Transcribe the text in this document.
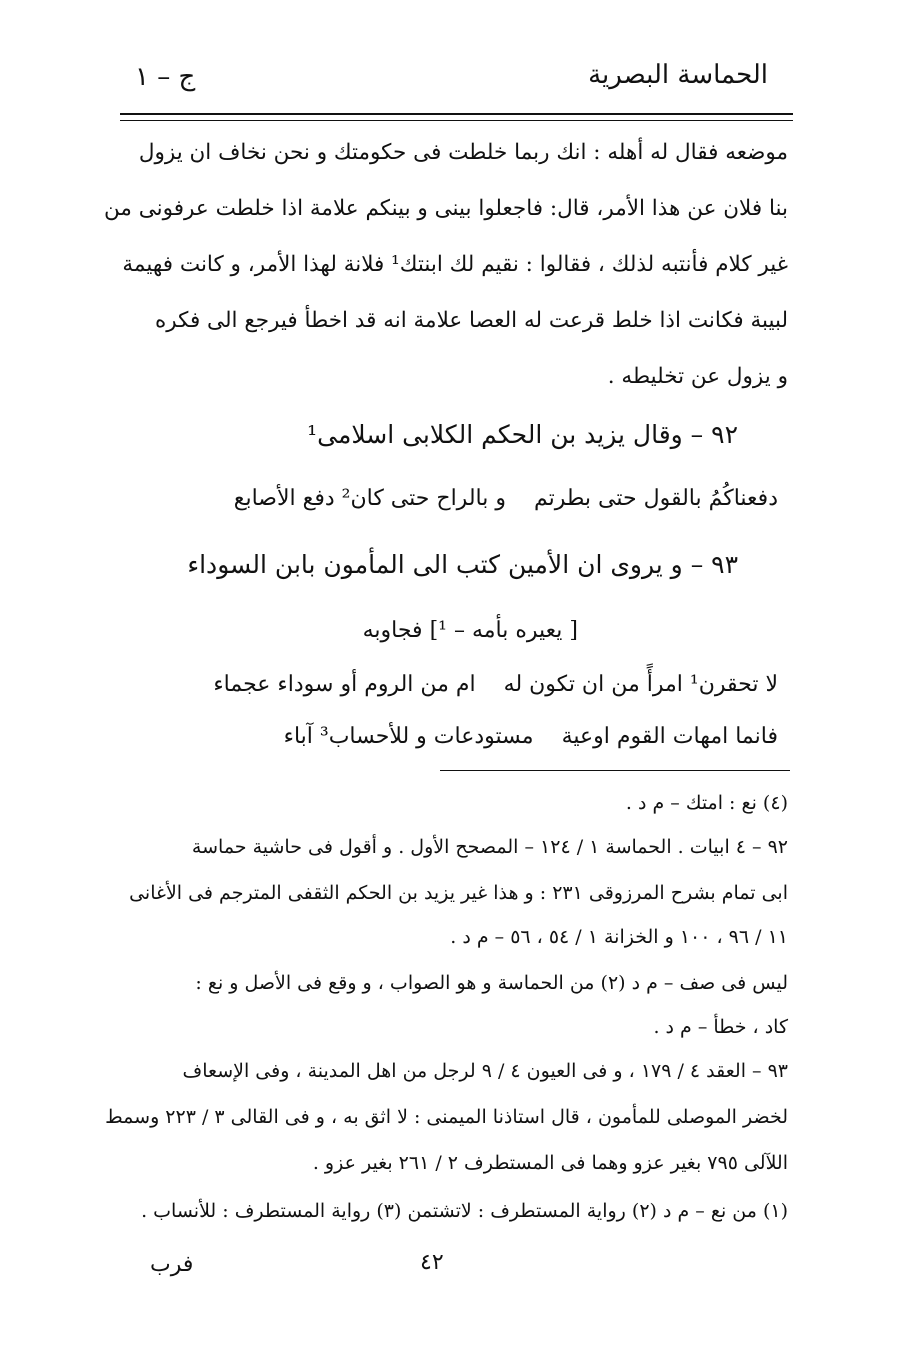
الحماسة البصرية
ج – ١
موضعه فقال له أهله : انك ربما خلطت فى حكومتك و نحن نخاف ان يزول
بنا فلان عن هذا الأمر، قال: فاجعلوا بينى و بينكم علامة اذا خلطت عرفونى من
غير كلام فأنتبه لذلك ، فقالوا : نقيم لك ابنتك¹ فلانة لهذا الأمر، و كانت فهيمة
لبيبة فكانت اذا خلط قرعت له العصا علامة انه قد اخطأ فيرجع الى فكره
و يزول عن تخليطه .
٩٢ – وقال يزيد بن الحكم الكلابى اسلامى¹
دفعناكُمُ بالقول حتى بطرتمو بالراح حتى كان² دفع الأصابع
٩٣ – و يروى ان الأمين كتب الى المأمون بابن السوداء
[ يعيره بأمه – ¹] فجاوبه
لا تحقرن¹ امرأً من ان تكون لهام من الروم أو سوداء عجماء
فانما امهات القوم اوعيةمستودعات و للأحساب³ آباء
(٤) نع : امتك – م د .
٩٢ – ٤ ابيات . الحماسة ١ / ١٢٤ – المصحح الأول . و أقول فى حاشية حماسة
ابى تمام بشرح المرزوقى ٢٣١ : و هذا غير يزيد بن الحكم الثقفى المترجم فى الأغانى
١١ / ٩٦ ، ١٠٠ و الخزانة ١ / ٥٤ ، ٥٦ – م د .
ليس فى صف – م د (٢) من الحماسة و هو الصواب ، و وقع فى الأصل و نع :
كاد ، خطأ – م د .
٩٣ – العقد ٤ / ١٧٩ ، و فى العيون ٤ / ٩ لرجل من اهل المدينة ، وفى الإسعاف
لخضر الموصلى للمأمون ، قال استاذنا الميمنى : لا اثق به ، و فى القالى ٣ / ٢٢٣ وسمط
اللآلى ٧٩٥ بغير عزو وهما فى المستطرف ٢ / ٢٦١ بغير عزو .
(١) من نع – م د (٢) رواية المستطرف : لاتشتمن (٣) رواية المستطرف : للأنساب .
٤٢
فرب
